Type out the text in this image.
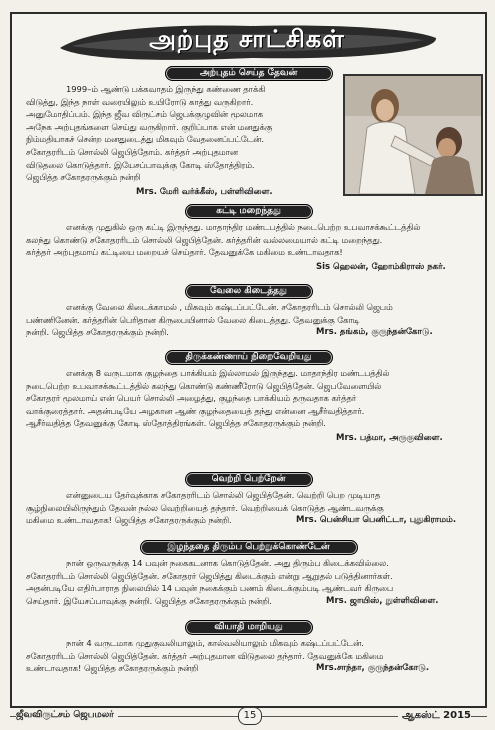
அற்புத சாட்சிகள்
அற்புதம் செய்த தேவன்
1999–ம் ஆண்டு பக்கவாதம் இருந்து கண்ணை தாக்கி
விடுத்து, இந்த நாள் வரையிலும் உயிரோடு காத்து வருகிறார்.
அனுமோதிப்பம். இந்த ஜீவ விருட்சம் ஜெபக்குழுவின் மூலமாக
அநேக அற்புதங்களை செய்து வருகிறார். குறிப்பாக என் மனதுக்கு
நிம்மதியாகச் சென்ற மனதுடைத்து மிகவும் வேதனைப்பட்டேன்.
சகோதரரிடம் சொல்லி ஜெபித்தோம். கர்த்தர் அற்புதமான
விடுதலை கொடுத்தார். இயேசப்பாவுக்கு கோடி ஸ்தோத்திரம்.
ஜெபித்த சகோதரருக்கும் நன்றி
Mrs. மேரி வர்க்கீஸ், பள்ளிவிளை.
கட்டி மறைந்தது
எனக்கு முதுகில் ஒரு கட்டி இருந்தது. மாதாந்திர மண்டபத்தில் நடைபெற்ற உபவாசக்கூட்டத்தில்
கலந்து கொண்டு சகோதரரிடம் சொல்லி ஜெபித்தேன். கர்த்தரின் வல்லமையால் கட்டி மறைந்தது.
கர்த்தர் அற்புதமாய் கட்டியை மறையச் செய்தார். தேவனுக்கே மகிமை உண்டாவதாக!
Sis ஹெலன், ஹோம்கிராஸ் நகர்.
வேலை கிடைத்தது
எனக்கு வேலை கிடைக்காமல் , மிகவும் கஷ்டப்பட்டேன். சகோதரரிடம் சொல்லி ஜெபம்
பண்ணினேன். கர்த்தரின் பெரிதான கிருபையினால் வேலை கிடைத்தது. தேவனுக்கு கோடி
நன்றி. ஜெபித்த சகோதரருக்கும் நன்றி.	Mrs. தங்கம், குருந்தன்கோடு.
திருக்கண்ணாய் நிறைவேறியது
எனக்கு 8 வருடமாக குழந்தை பாக்கியம் இல்லாமல் இருந்தது. மாதாந்திர மண்டபத்தில்
நடைபெற்ற உபவாசக்கூட்டத்தில் கலந்து கொண்டு கண்ணீரோடு ஜெபித்தேன். ஜெபவேளையில்
சகோதரர் மூலமாய் என் பெயர் சொல்லி அழைத்து, குழந்தை பாக்கியம் தருவதாக கர்த்தர்
வாக்குரைத்தார். அதன்படியே அழகான ஆண் குழந்தையைத் தந்து என்னை ஆசீர்வதித்தார்.
ஆசீர்வதித்த தேவனுக்கு கோடி ஸ்தோத்திரங்கள். ஜெபித்த சகோதரருக்கும் நன்றி.
Mrs. பத்மா, அருகுவிளை.
வெற்றி பெற்றேன்
என்னுடைய தேர்வுக்காக சகோதரரிடம் சொல்லி ஜெபித்தேன். வெற்றி பெற முடியாத
சூழ்நிலையிலிருந்தும் தேவன் நல்ல வெற்றியைத் தந்தார். வெற்றியைக் கொடுத்த ஆண்டவருக்கு
மகிமை உண்டாவதாக! ஜெபித்த சகோதரருக்கும் நன்றி.	Mrs. பென்சியா பெனிட்டா, புதுகிராமம்.
இழந்ததை திரும்ப பெற்றுக்கொண்டேன்
நான் ஒருவருக்கு 14 பவுன் நகைகடனாக கொடுத்தேன். அது திரும்ப கிடைக்கவில்லை.
சகோதரரிடம் சொல்லி ஜெபித்தேன். சகோதரர் ஜெபித்து கிடைக்கும் என்று ஆறுதல் படுத்தினார்கள்.
அதன்படியே எதிர்பாராத நிலையில் 14 பவுன் நகைக்கும் பணம் கிடைக்கும்படி ஆண்டவர் கிருபை
செய்தார். இயேசப்பாவுக்கு நன்றி. ஜெபித்த சகோதரருக்கும் நன்றி.	Mrs. ஜாயிஸ், நுள்ளிவிளை.
வியாதி மாறியது
நான் 4 வருடமாக முதுகுவலியாலும், கால்வலியாலும் மிகவும் கஷ்டப்பட்டேன்.
சகோதரரிடம் சொல்லி ஜெபித்தேன். கர்த்தர் அற்புதமான விடுதலை தந்தார். தேவனுக்கே மகிமை
உண்டாவதாக! ஜெபித்த சகோதரருக்கும் நன்றி	Mrs.சாந்தா, குருந்தன்கோடு.
ஜீவவிருட்சம் ஜெபமலர்	15	ஆகஸ்ட் 2015
